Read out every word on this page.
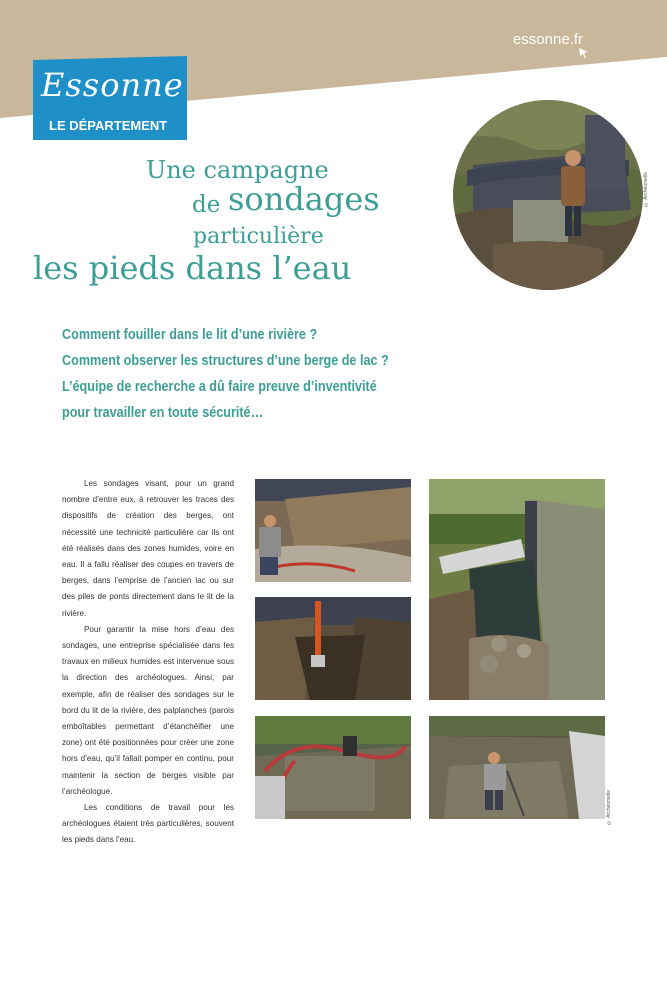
essonne.fr
Essonne
LE DÉPARTEMENT
Une campagne
de sondages
particulière
les pieds dans l’eau
© Archéomelle
Comment fouiller dans le lit d’une rivière ?
Comment observer les structures d’une berge de lac ?
L’équipe de recherche a dû faire preuve d’inventivité
pour travailler en toute sécurité…

Les sondages visant, pour un grand nombre d’entre eux, à retrouver les traces des dispositifs de création des berges, ont nécessité une technicité particulière car ils ont été réalisés dans des zones humides, voire en eau. Il a fallu réaliser des coupes en travers de berges, dans l’emprise de l’ancien lac ou sur des piles de ponts directement dans le lit de la rivière.

Pour garantir la mise hors d’eau des sondages, une entreprise spécialisée dans les travaux en milieux humides est intervenue sous la direction des archéologues. Ainsi, par exemple, afin de réaliser des sondages sur le bord du lit de la rivière, des palplanches (parois emboîtables permettant d’étanchéifier une zone) ont été positionnées pour créer une zone hors d’eau, qu’il fallait pomper en continu, pour maintenir la section de berges visible par l’archéologue.

Les conditions de travail pour les archéologues étaient très particulières, souvent les pieds dans l’eau.

© Archéomelle
